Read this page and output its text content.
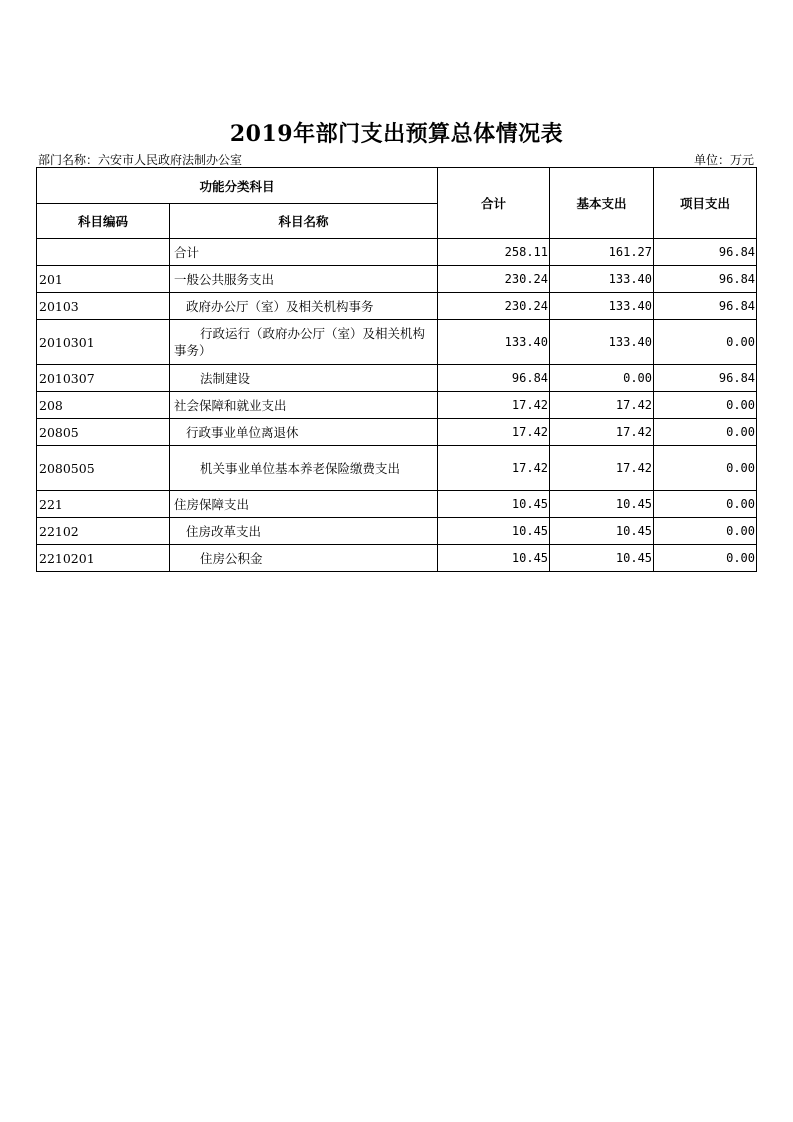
2019年部门支出预算总体情况表
部门名称：六安市人民政府法制办公室	单位：万元
功能分类科目		合计	基本支出	项目支出
科目编码	科目名称			
	合计	258.11	161.27	96.84
201	一般公共服务支出	230.24	133.40	96.84
20103	政府办公厅（室）及相关机构事务	230.24	133.40	96.84
2010301	行政运行（政府办公厅（室）及相关机构事务）	133.40	133.40	0.00
2010307	法制建设	96.84	0.00	96.84
208	社会保障和就业支出	17.42	17.42	0.00
20805	行政事业单位离退休	17.42	17.42	0.00
2080505	机关事业单位基本养老保险缴费支出	17.42	17.42	0.00
221	住房保障支出	10.45	10.45	0.00
22102	住房改革支出	10.45	10.45	0.00
2210201	住房公积金	10.45	10.45	0.00
